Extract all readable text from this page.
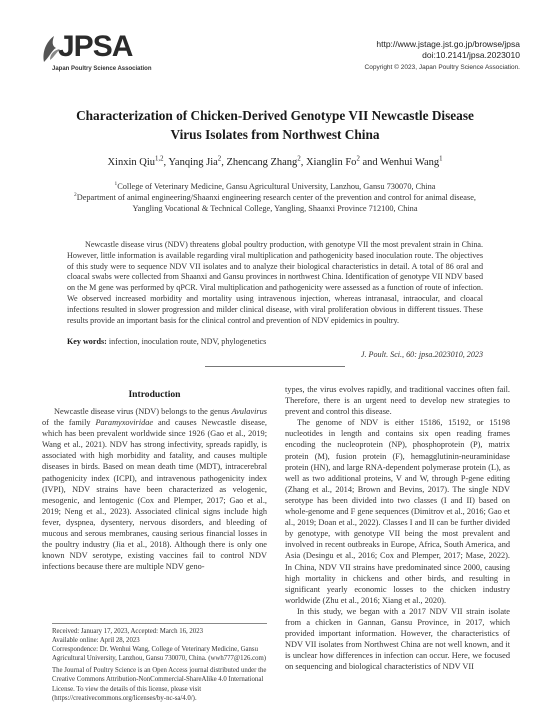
JPSA
Japan Poultry Science Association
http://www.jstage.jst.go.jp/browse/jpsa
doi:10.2141/jpsa.2023010
Copyright © 2023, Japan Poultry Science Association.
Characterization of Chicken-Derived Genotype VII Newcastle Disease
Virus Isolates from Northwest China
Xinxin Qiu$^{1,2}$, Yanqing Jia$^2$, Zhencang Zhang$^2$, Xianglin Fo$^2$ and Wenhui Wang$^1$

$^1$College of Veterinary Medicine, Gansu Agricultural University, Lanzhou, Gansu 730070, China

$^2$Department of animal engineering/Shaanxi engineering research center of the prevention and control for animal disease,

Yangling Vocational & Technical College, Yangling, Shaanxi Province 712100, China

Newcastle disease virus (NDV) threatens global poultry production, with genotype VII the most prevalent strain in China. However, little information is available regarding viral multiplication and pathogenicity based inoculation route. The objectives of this study were to sequence NDV VII isolates and to analyze their biological characteristics in detail. A total of 86 oral and cloacal swabs were collected from Shaanxi and Gansu provinces in northwest China. Identification of genotype VII NDV based on the M gene was performed by qPCR. Viral multiplication and pathogenicity were assessed as a function of route of infection. We observed increased morbidity and mortality using intravenous injection, whereas intranasal, intraocular, and cloacal infections resulted in slower progression and milder clinical disease, with viral proliferation obvious in different tissues. These results provide an important basis for the clinical control and prevention of NDV epidemics in poultry.

Key words: infection, inoculation route, NDV, phylogenetics
J. Poult. Sci., 60: jpsa.2023010, 2023
Introduction

Newcastle disease virus (NDV) belongs to the genus Avulavirus of the family Paramyxoviridae and causes Newcastle disease, which has been prevalent worldwide since 1926 (Gao et al., 2019; Wang et al., 2021). NDV has strong infectivity, spreads rapidly, is associated with high morbidity and fatality, and causes multiple diseases in birds. Based on mean death time (MDT), intracerebral pathogenicity index (ICPI), and intravenous pathogenicity index (IVPI), NDV strains have been characterized as velogenic, mesogenic, and lentogenic (Cox and Plemper, 2017; Gao et al., 2019; Neng et al., 2023). Associated clinical signs include high fever, dyspnea, dysentery, nervous disorders, and bleeding of mucous and serous membranes, causing serious financial losses in the poultry industry (Jia et al., 2018). Although there is only one known NDV serotype, existing vaccines fail to control NDV infections because there are multiple NDV geno-

Received: January 17, 2023, Accepted: March 16, 2023

Available online: April 28, 2023

Correspondence: Dr. Wenhui Wang, College of Veterinary Medicine, Gansu Agricultural University, Lanzhou, Gansu 730070, China. (wwh777@126.com)

The Journal of Poultry Science is an Open Access journal distributed under the Creative Commons Attribution-NonCommercial-ShareAlike 4.0 International License. To view the details of this license, please visit (https://creativecommons.org/licenses/by-nc-sa/4.0/).

types, the virus evolves rapidly, and traditional vaccines often fail. Therefore, there is an urgent need to develop new strategies to prevent and control this disease.

The genome of NDV is either 15186, 15192, or 15198 nucleotides in length and contains six open reading frames encoding the nucleoprotein (NP), phosphoprotein (P), matrix protein (M), fusion protein (F), hemagglutinin-neuraminidase protein (HN), and large RNA-dependent polymerase protein (L), as well as two additional proteins, V and W, through P-gene editing (Zhang et al., 2014; Brown and Bevins, 2017). The single NDV serotype has been divided into two classes (I and II) based on whole-genome and F gene sequences (Dimitrov et al., 2016; Gao et al., 2019; Doan et al., 2022). Classes I and II can be further divided by genotype, with genotype VII being the most prevalent and involved in recent outbreaks in Europe, Africa, South America, and Asia (Desingu et al., 2016; Cox and Plemper, 2017; Mase, 2022). In China, NDV VII strains have predominated since 2000, causing high mortality in chickens and other birds, and resulting in significant yearly economic losses to the chicken industry worldwide (Zhu et al., 2016; Xiang et al., 2020).

In this study, we began with a 2017 NDV VII strain isolate from a chicken in Gannan, Gansu Province, in 2017, which provided important information. However, the characteristics of NDV VII isolates from Northwest China are not well known, and it is unclear how differences in infection can occur. Here, we focused on sequencing and biological characteristics of NDV VII
